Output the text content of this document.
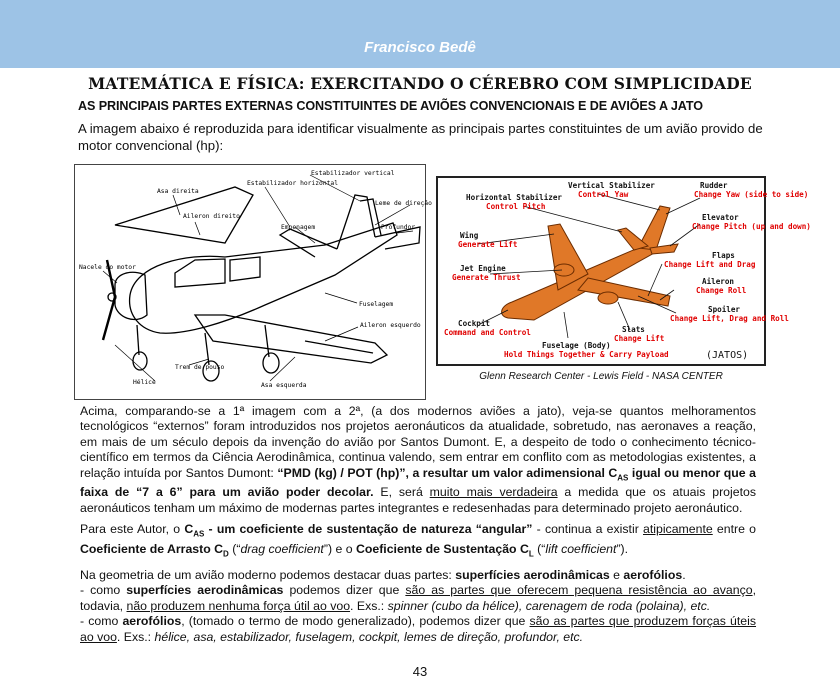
Francisco Bedê
MATEMÁTICA E FÍSICA: EXERCITANDO O CÉREBRO COM SIMPLICIDADE
AS PRINCIPAIS PARTES EXTERNAS CONSTITUINTES DE AVIÕES CONVENCIONAIS E DE AVIÕES A JATO
A imagem abaixo é reproduzida para identificar visualmente as principais partes constituintes de um avião provido de motor convencional (hp):
Estabilizador vertical
Estabilizador horizontal
Asa direita
Aileron direito
Leme de direção
Profundor
Empenagem
Nacele do motor
Fuselagem
Aileron esquerdo
Hélice
Trem de pouso
Asa esquerda
Vertical Stabilizer
Control Yaw
Horizontal Stabilizer
Control Pitch
Rudder
Change Yaw (side to side)
Elevator
Change Pitch (up and down)
Wing
Generate Lift
Flaps
Change Lift and Drag
Jet Engine
Generate Thrust	Aileron
Change Roll
Spoiler
Change Lift, Drag and Roll
Cockpit
Command and Control	Slats
Change Lift
Fuselage (Body)
Hold Things Together & Carry Payload	(JATOS)
Glenn Research Center - Lewis Field - NASA CENTER

Acima, comparando-se a 1ª imagem com a 2ª, (a dos modernos aviões a jato), veja-se quantos melhoramentos tecnológicos “externos” foram introduzidos nos projetos aeronáuticos da atualidade, sobretudo, nas aeronaves a reação, em mais de um século depois da invenção do avião por Santos Dumont. E, a despeito de todo o conhecimento técnico-científico em termos da Ciência Aerodinâmica, continua valendo, sem entrar em conflito com as metodologias existentes, a relação intuída por Santos Dumont: “PMD (kg) / POT (hp)”, a resultar um valor adimensional $C_{AS}$ igual ou menor que a faixa de “7 a 6” para um avião poder decolar. E, será muito mais verdadeira a medida que os atuais projetos aeronáuticos tenham um máximo de modernas partes integrantes e redesenhadas para determinado projeto aeronáutico.

Para este Autor, o $C_{AS}$ - um coeficiente de sustentação de natureza “angular” - continua a existir atipicamente entre o Coeficiente de Arrasto $C_D$ (“drag coefficient”) e o Coeficiente de Sustentação $C_L$ (“lift coefficient”).

Na geometria de um avião moderno podemos destacar duas partes: superfícies aerodinâmicas e aerofólios.
- como superfícies aerodinâmicas podemos dizer que são as partes que oferecem pequena resistência ao avanço, todavia, não produzem nenhuma força útil ao voo. Exs.: spinner (cubo da hélice), carenagem de roda (polaina), etc.
- como aerofólios, (tomado o termo de modo generalizado), podemos dizer que são as partes que produzem forças úteis ao voo. Exs.: hélice, asa, estabilizador, fuselagem, cockpit, lemes de direção, profundor, etc.

43
